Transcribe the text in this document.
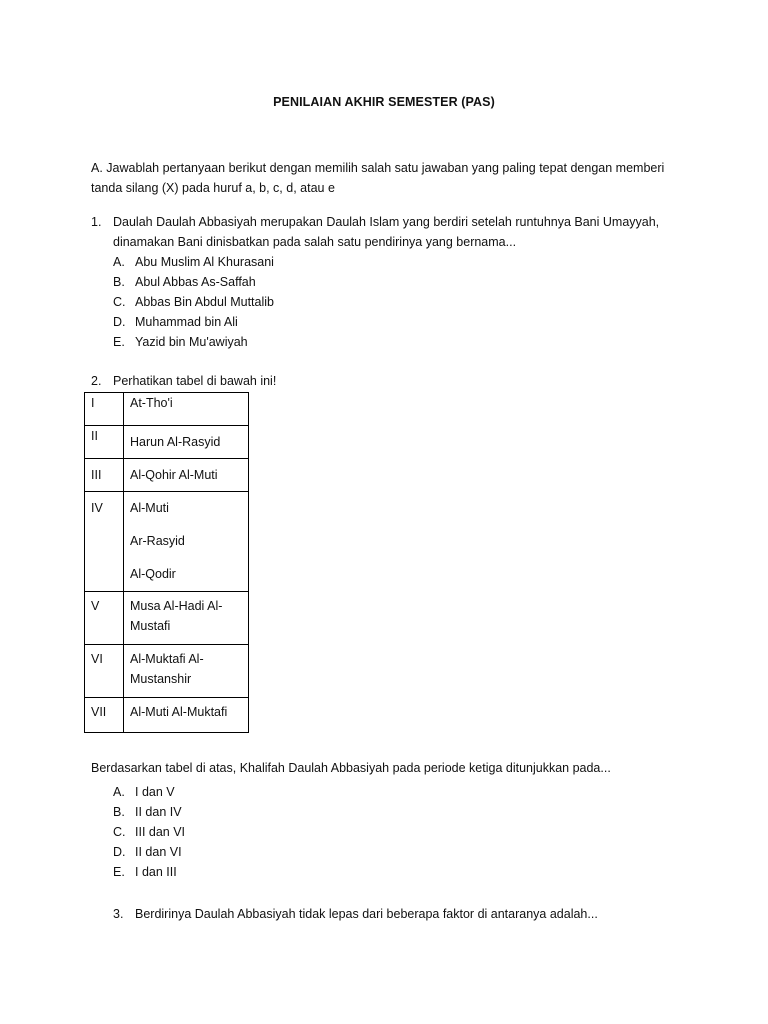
PENILAIAN AKHIR SEMESTER (PAS)
A. Jawablah pertanyaan berikut dengan memilih salah satu jawaban yang paling tepat dengan memberi tanda silang (X) pada huruf a, b, c, d, atau e
1. Daulah Daulah Abbasiyah merupakan Daulah Islam yang berdiri setelah runtuhnya Bani Umayyah, dinamakan Bani dinisbatkan pada salah satu pendirinya yang bernama...
A. Abu Muslim Al Khurasani
B. Abul Abbas As-Saffah
C. Abbas Bin Abdul Muttalib
D. Muhammad bin Ali
E. Yazid bin Mu'awiyah
2. Perhatikan tabel di bawah ini!
I	At-Tho'i

II	Harun Al-Rasyid

III	Al-Qohir Al-Muti

IV	Al-Muti
Ar-Rasyid
Al-Qodir

V	Musa Al-Hadi Al-
Mustafi

VI	Al-Muktafi Al-
Mustanshir

VII	Al-Muti Al-Muktafi
Berdasarkan tabel di atas, Khalifah Daulah Abbasiyah pada periode ketiga ditunjukkan pada...
A. I dan V
B. II dan IV
C. III dan VI
D. II dan VI
E. I dan III
3. Berdirinya Daulah Abbasiyah tidak lepas dari beberapa faktor di antaranya adalah...
